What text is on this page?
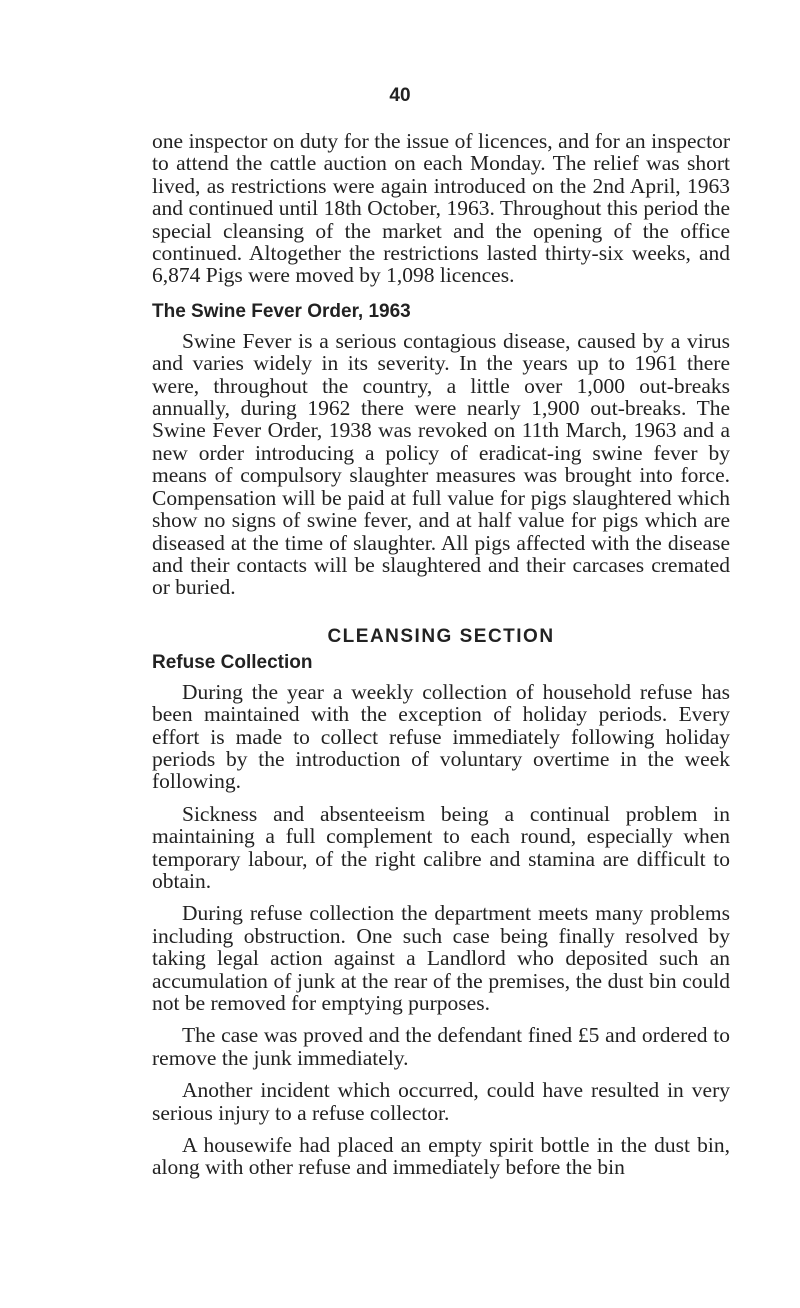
40

one inspector on duty for the issue of licences, and for an inspector to attend the cattle auction on each Monday. The relief was short lived, as restrictions were again introduced on the 2nd April, 1963 and continued until 18th October, 1963. Throughout this period the special cleansing of the market and the opening of the office continued. Altogether the restrictions lasted thirty-six weeks, and 6,874 Pigs were moved by 1,098 licences.

The Swine Fever Order, 1963

Swine Fever is a serious contagious disease, caused by a virus and varies widely in its severity. In the years up to 1961 there were, throughout the country, a little over 1,000 out-breaks annually, during 1962 there were nearly 1,900 out-breaks. The Swine Fever Order, 1938 was revoked on 11th March, 1963 and a new order introducing a policy of eradicat-ing swine fever by means of compulsory slaughter measures was brought into force. Compensation will be paid at full value for pigs slaughtered which show no signs of swine fever, and at half value for pigs which are diseased at the time of slaughter. All pigs affected with the disease and their contacts will be slaughtered and their carcases cremated or buried.

CLEANSING SECTION
Refuse Collection

During the year a weekly collection of household refuse has been maintained with the exception of holiday periods. Every effort is made to collect refuse immediately following holiday periods by the introduction of voluntary overtime in the week following.

Sickness and absenteeism being a continual problem in maintaining a full complement to each round, especially when temporary labour, of the right calibre and stamina are difficult to obtain.

During refuse collection the department meets many problems including obstruction. One such case being finally resolved by taking legal action against a Landlord who deposited such an accumulation of junk at the rear of the premises, the dust bin could not be removed for emptying purposes.

The case was proved and the defendant fined £5 and ordered to remove the junk immediately.

Another incident which occurred, could have resulted in very serious injury to a refuse collector.

A housewife had placed an empty spirit bottle in the dust bin, along with other refuse and immediately before the bin
